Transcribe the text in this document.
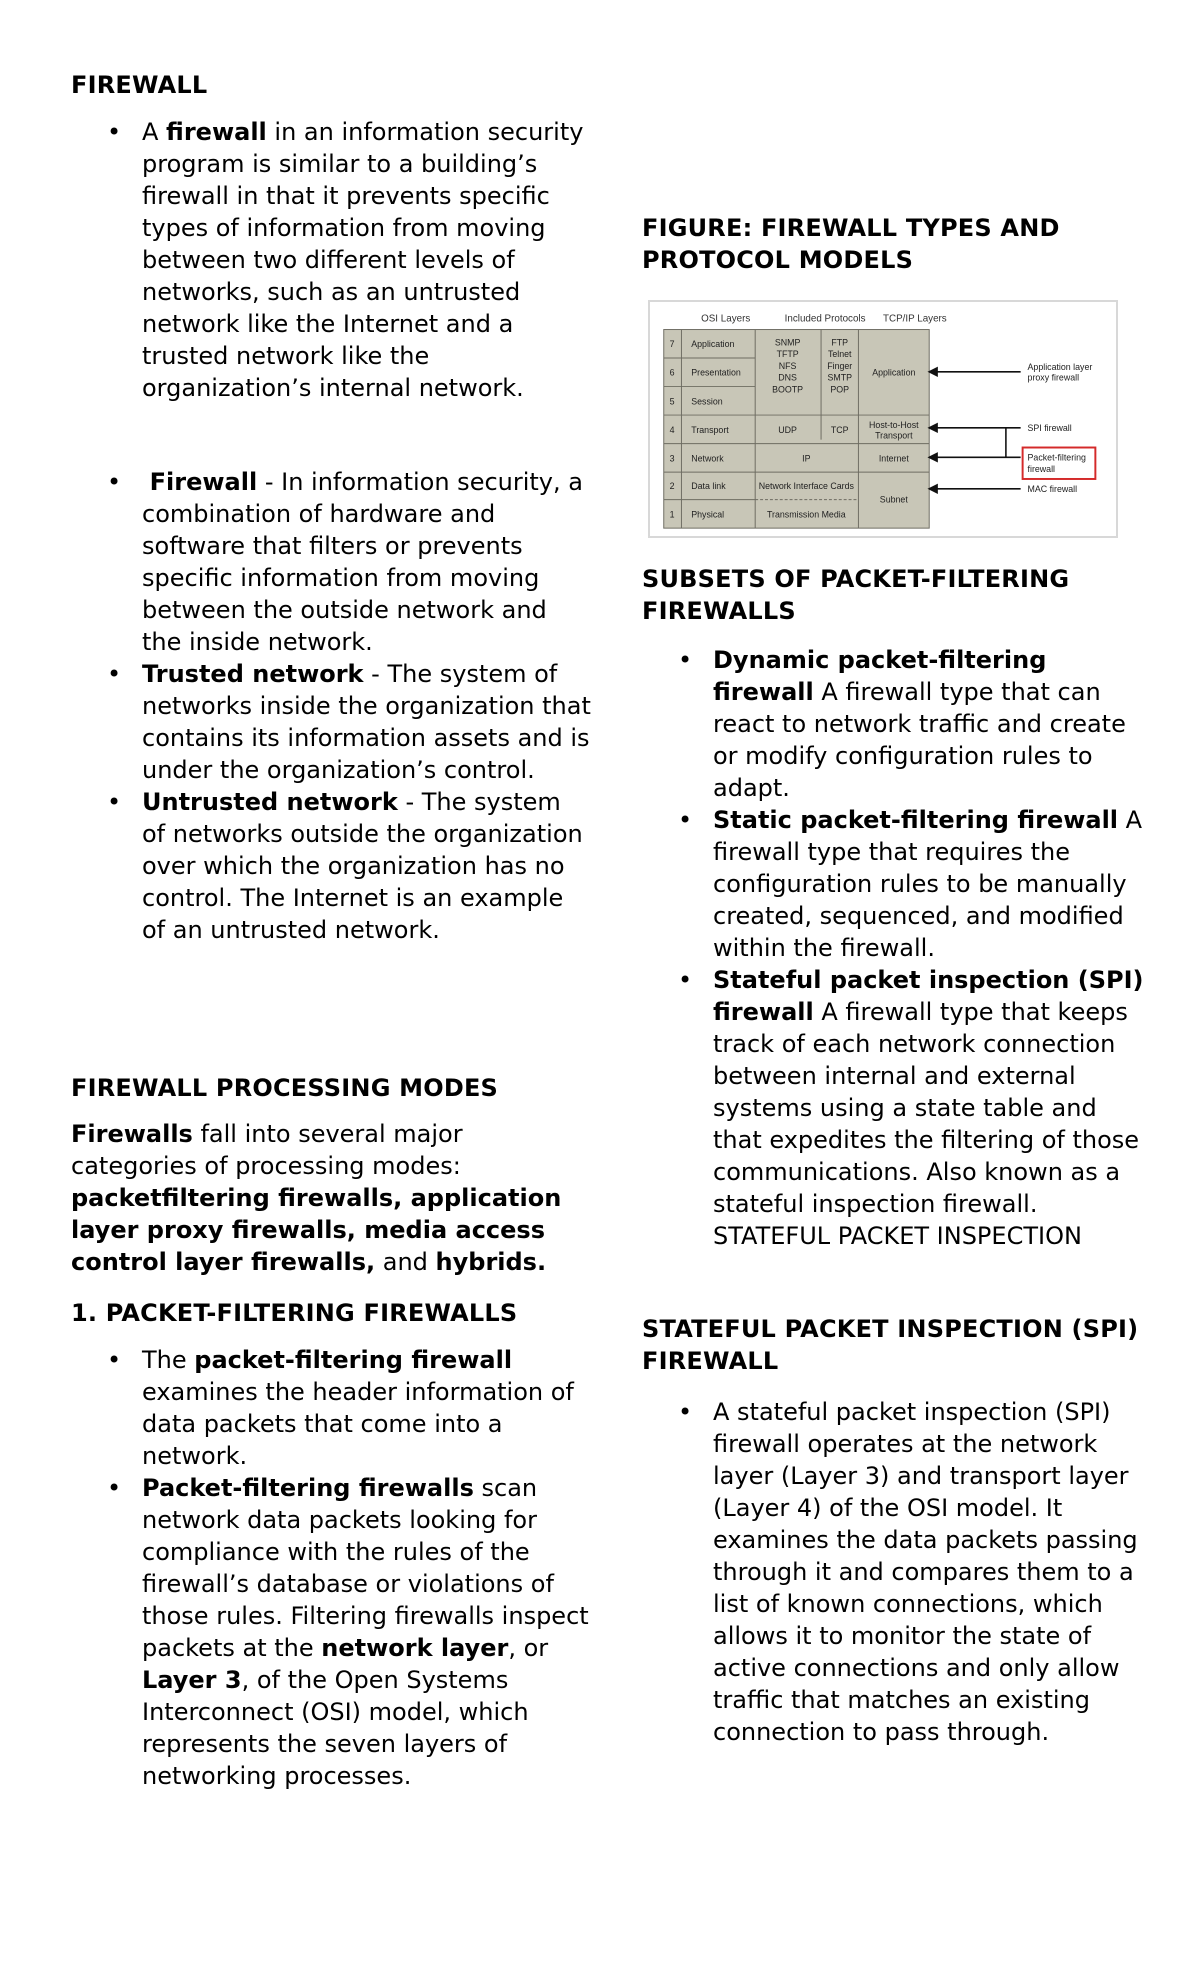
FIREWALL
• A firewall in an information security program is similar to a building’s firewall in that it prevents specific types of information from moving between two different levels of networks, such as an untrusted network like the Internet and a trusted network like the organization’s internal network.
• Firewall - In information security, a combination of hardware and software that filters or prevents specific information from moving between the outside network and the inside network.
• Trusted network - The system of networks inside the organization that contains its information assets and is under the organization’s control.
• Untrusted network - The system of networks outside the organization over which the organization has no control. The Internet is an example of an untrusted network.
FIREWALL PROCESSING MODES

Firewalls fall into several major categories of processing modes: packetfiltering firewalls, application layer proxy firewalls, media access control layer firewalls, and hybrids.

1. PACKET-FILTERING FIREWALLS
• The packet-filtering firewall examines the header information of data packets that come into a network.
• Packet-filtering firewalls scan network data packets looking for compliance with the rules of the firewall’s database or violations of those rules. Filtering firewalls inspect packets at the network layer, or Layer 3, of the Open Systems Interconnect (OSI) model, which represents the seven layers of networking processes.
FIGURE: FIREWALL TYPES AND PROTOCOL MODELS
SUBSETS OF PACKET-FILTERING FIREWALLS
• Dynamic packet-filtering firewall A firewall type that can react to network traffic and create or modify configuration rules to adapt.
• Static packet-filtering firewall A firewall type that requires the configuration rules to be manually created, sequenced, and modified within the firewall.
• Stateful packet inspection (SPI) firewall A firewall type that keeps track of each network connection between internal and external systems using a state table and that expedites the filtering of those communications. Also known as a stateful inspection firewall. STATEFUL PACKET INSPECTION
STATEFUL PACKET INSPECTION (SPI) FIREWALL
• A stateful packet inspection (SPI) firewall operates at the network layer (Layer 3) and transport layer (Layer 4) of the OSI model. It examines the data packets passing through it and compares them to a list of known connections, which allows it to monitor the state of active connections and only allow traffic that matches an existing connection to pass through.
OSI Layers	Included Protocols TCP/IP Layers
7 Application
6 Presentation
5 Session
4 Transport
3 Network
2 Data link
1 Physical
SNMP
TFTP
NFS
DNS
BOOTP
FTP
Telnet
Finger
SMTP
POP
UDP	TCP
IP
Network Interface Cards
Transmission Media
Application
Host-to-Host
Transport
Internet
Subnet
Application layer
proxy firewall
SPI firewall
Packet-filtering
firewall
MAC firewall
